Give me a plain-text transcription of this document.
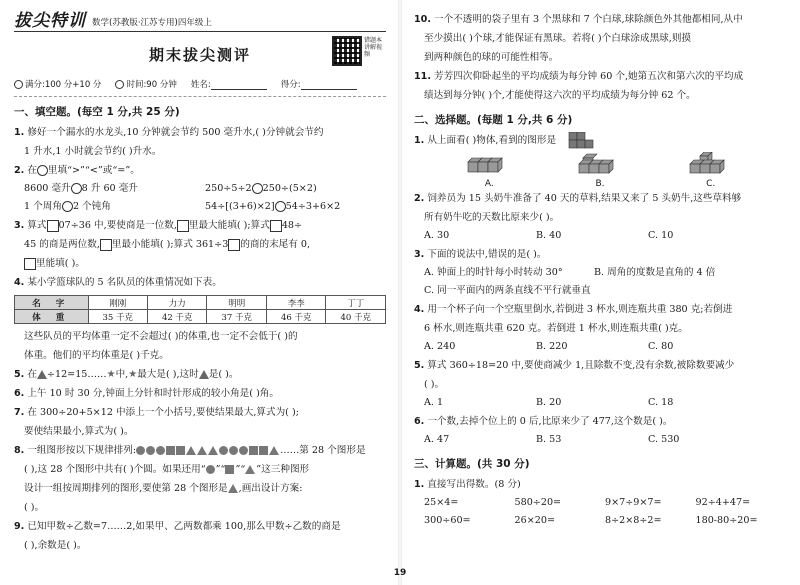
拔尖特训 数学(苏教版·江苏专用)四年级上
期末拔尖测评
错题本讲解视频
满分:100 分+10 分	时间:90 分钟 姓名:	得分:
一、填空题。(每空 1 分,共 25 分)
1. 修好一个漏水的水龙头,10 分钟就会节约 500 毫升水,( )分钟就会节约
1 升水,1 小时就会节约( )升水。
2. 在 里填“>”“<”或“=”。
8600 毫升 8 升 60 毫升	250÷5÷2 250÷(5×2)
1 个周角 2 个钝角	54÷[(3+6)×2] 54÷3+6×2
3. 算式 07÷36 中,要使商是一位数, 里最大能填( );算式 48÷
45 的商是两位数, 里最小能填( );算式 361÷3 的商的末尾有 0,
里能填( )。
4. 某小学篮球队的 5 名队员的体重情况如下表。
名 字	刚刚	力力	明明	李李	丁丁
体 重	35 千克	42 千克	37 千克	46 千克	40 千克
这些队员的平均体重一定不会超过( )的体重,也一定不会低于( )的
体重。他们的平均体重是( )千克。
5. 在 ÷12=15……★中,★最大是( ),这时 是( )。
6. 上午 10 时 30 分,钟面上分针和时针形成的较小角是( )角。
7. 在 300÷20+5×12 中添上一个小括号,要使结果最大,算式为( );
要使结果最小,算式为( )。
8. 一组图形按以下规律排列:	……第 28 个图形是
( ),这 28 个图形中共有( )个圆。如果还用“ ”“ ”“ ”这三种图形
设计一组按周期排列的图形,要使第 28 个图形是 ,画出设计方案:
( )。
9. 已知甲数÷乙数=7……2,如果甲、乙两数都乘 100,那么甲数÷乙数的商是
( ),余数是( )。
10. 一个不透明的袋子里有 3 个黑球和 7 个白球,球除颜色外其他都相同,从中
至少摸出( )个球,才能保证有黑球。若将( )个白球涂成黑球,则摸
到两种颜色的球的可能性相等。
11. 芳芳四次仰卧起坐的平均成绩为每分钟 60 个,她第五次和第六次的平均成
绩达到每分钟( )个,才能使得这六次的平均成绩为每分钟 62 个。
二、选择题。(每题 1 分,共 6 分)
1. 从上面看( )物体,看到的图形是
A.	B.	C.
2. 饲养员为 15 头奶牛准备了 40 天的草料,结果又来了 5 头奶牛,这些草料够
所有奶牛吃的天数比原来少( )。
A. 30	B. 40	C. 10
3. 下面的说法中,错误的是( )。
A. 钟面上的时针每小时转动 30°	B. 周角的度数是直角的 4 倍
C. 同一平面内的两条直线不平行就垂直
4. 用一个杯子向一个空瓶里倒水,若倒进 3 杯水,则连瓶共重 380 克;若倒进
6 杯水,则连瓶共重 620 克。若倒进 1 杯水,则连瓶共重( )克。
A. 240	B. 220	C. 80
5. 算式 360÷18=20 中,要使商减少 1,且除数不变,没有余数,被除数要减少
( )。
A. 1	B. 20	C. 18
6. 一个数,去掉个位上的 0 后,比原来少了 477,这个数是( )。
A. 47	B. 53	C. 530
三、计算题。(共 30 分)
1. 直接写出得数。(8 分)
25×4=	580÷20=	9×7÷9×7=	92÷4+47=
300÷60=	26×20=	8÷2×8÷2=	180-80÷20=
19
